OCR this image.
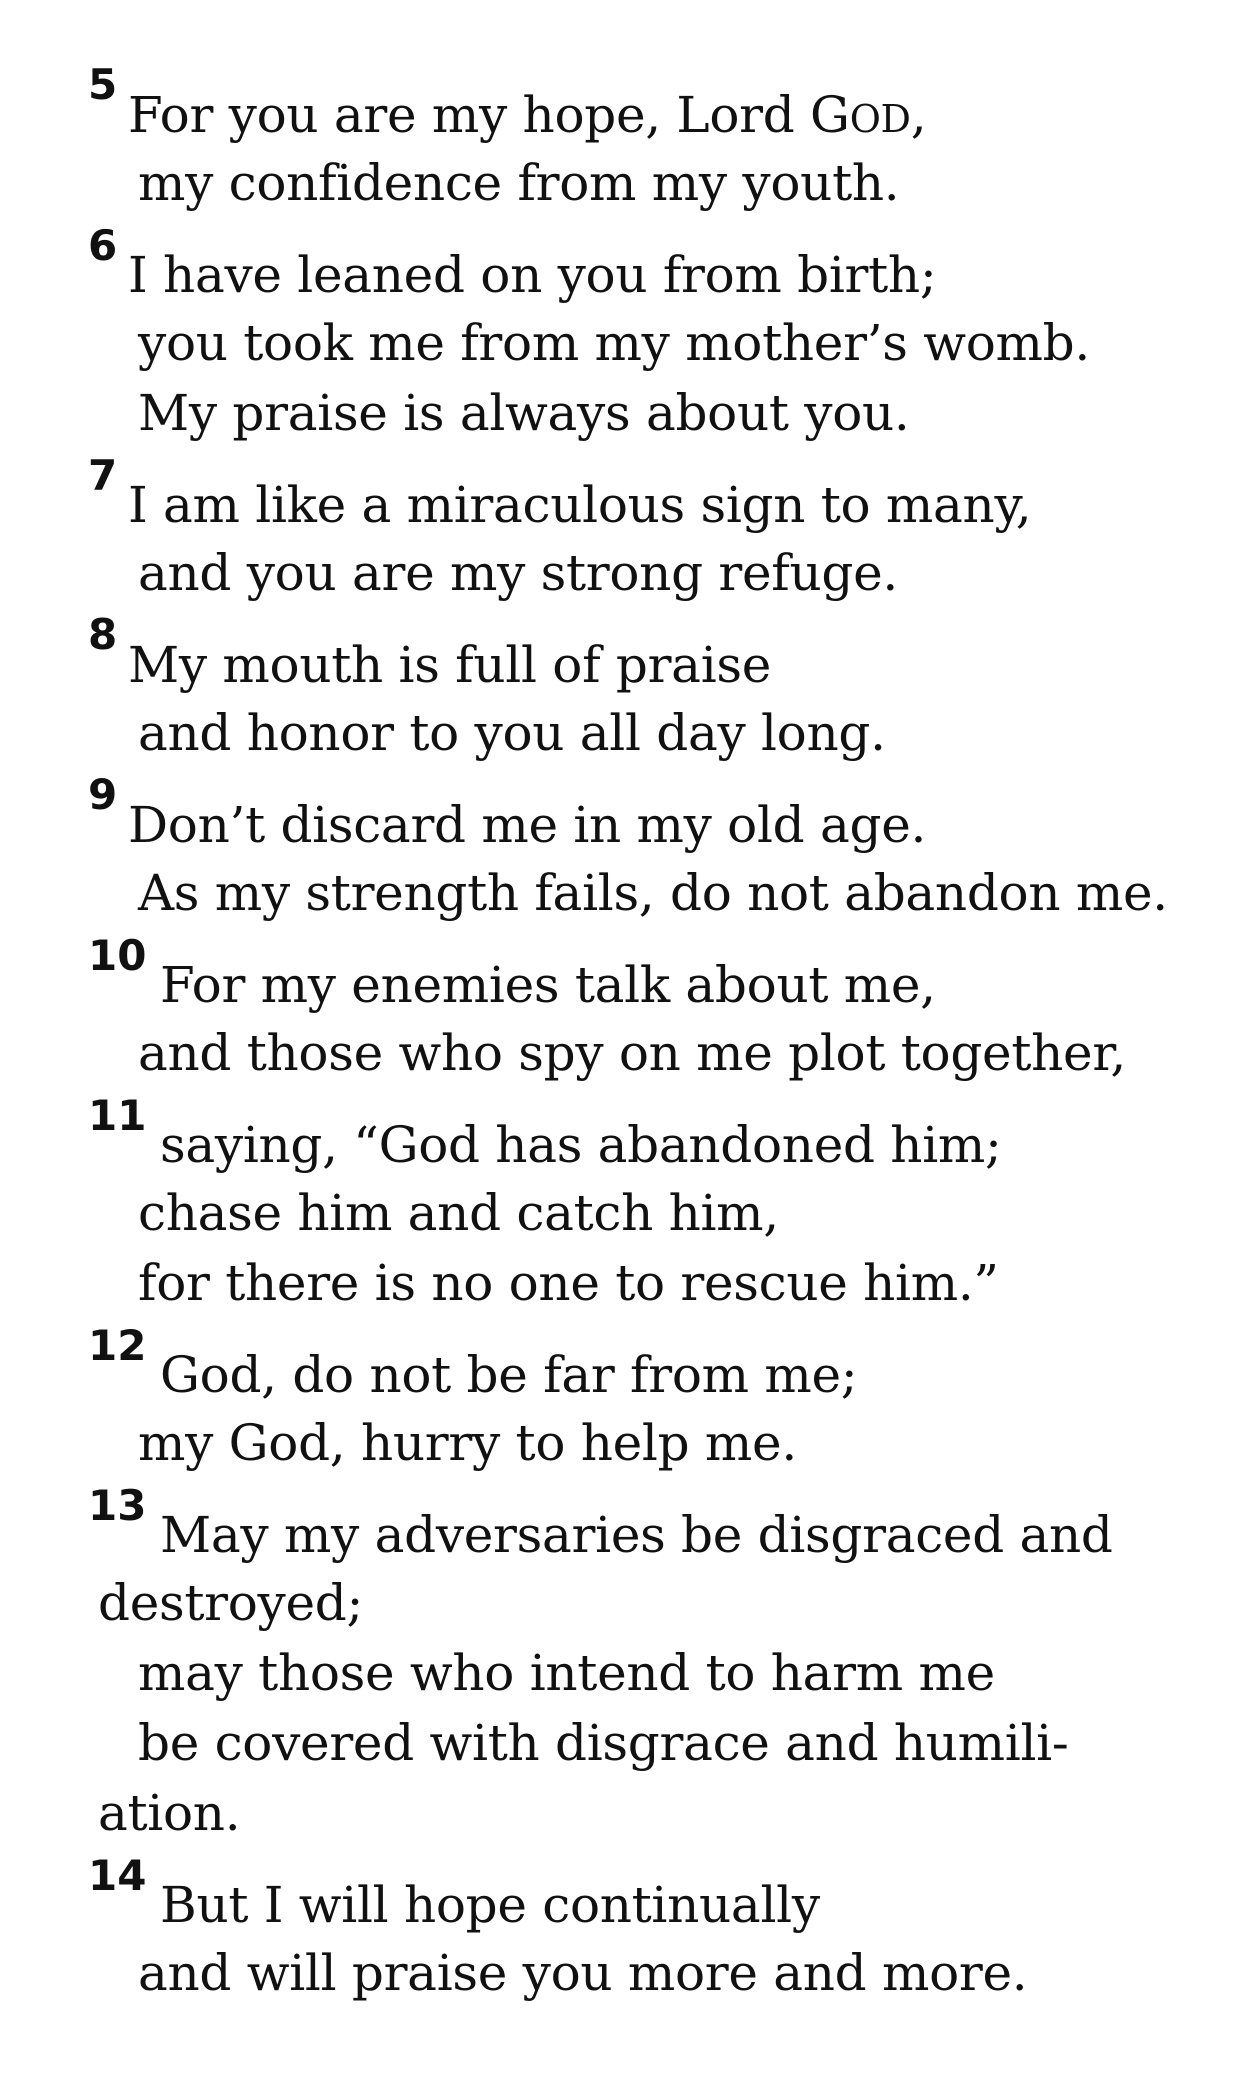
5
For you are my hope, Lord GOD,
my confidence from my youth.
6
I have leaned on you from birth;
you took me from my mother’s womb.
My praise is always about you.
7
I am like a miraculous sign to many,
and you are my strong refuge.
8
My mouth is full of praise
and honor to you all day long.
9
Don’t discard me in my old age.
As my strength fails, do not abandon me.
10
For my enemies talk about me,
and those who spy on me plot together,
11
saying, “God has abandoned him;
chase him and catch him,
for there is no one to rescue him.”
12
God, do not be far from me;
my God, hurry to help me.
13
May my adversaries be disgraced and
destroyed;
may those who intend to harm me
be covered with disgrace and humili-
ation.
14
But I will hope continually
and will praise you more and more.
